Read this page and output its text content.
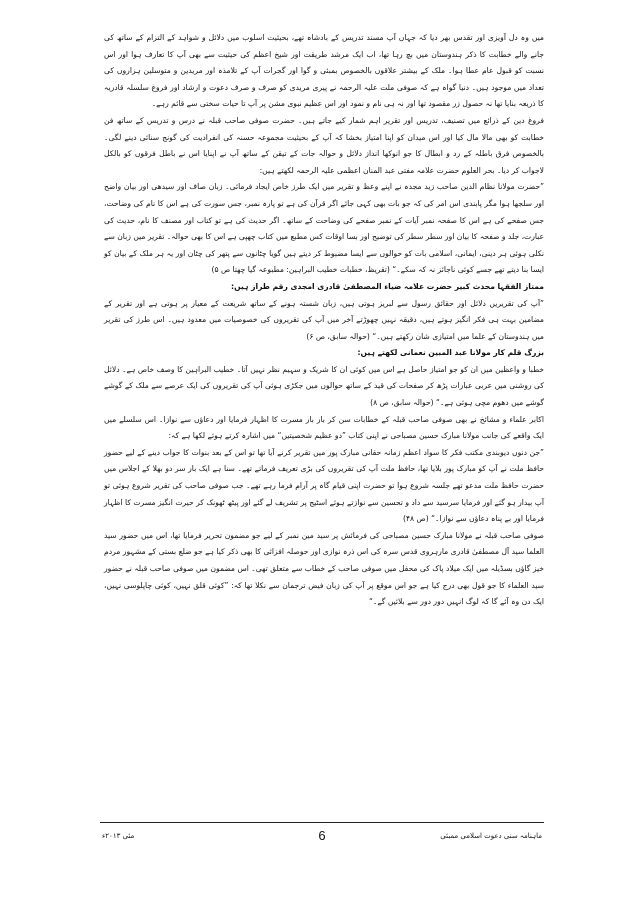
میں وہ دل آویزی اور تقدس بھر دیا کہ جہاں آپ مسند تدریس کے بادشاہ تھے، بحیثیت اسلوب میں دلائل و شواہد کے التزام کے ساتھ کی جانے والے خطابت کا ذکر ہندوستان میں بچ رہا تھا، اب ایک مرشد طریقت اور شیخ اعظم کی حیثیت سے بھی آپ کا تعارف ہوا اور اس نسبت کو قبول عام عطا ہوا۔ ملک کے بیشتر علاقوں بالخصوص بمبئی و گوا اور گجرات آپ کے تلامذہ اور مریدین و متوسلین ہزاروں کی تعداد میں موجود ہیں۔ دنیا گواہ ہے کہ صوفی ملت علیہ الرحمہ نے پیری مریدی کو صرف و صرف دعوت و ارشاد اور فروغ سلسلہ قادریہ کا ذریعہ بنایا تھا نہ حصول زر مقصود تھا اور نہ ہی نام و نمود اور اس عظیم نبوی مشن پر آپ تا حیات سختی سے قائم رہے۔

فروغ دین کے ذرائع میں تصنیف، تدریس اور تقریر اہم شمار کیے جاتے ہیں۔ حضرت صوفی صاحب قبلہ نے درس و تدریس کے ساتھ فن خطابت کو بھی مالا مال کیا اور اس میدان کو اپنا امتیاز بخشا کہ آپ کے بحیثیت مجموعہ حسنہ کی انفرادیت کی گونج سنائی دینے لگی۔ بالخصوص فرق باطلہ کے رد و ابطال کا جو انوکھا انداز دلائل و حوالہ جات کے تیقن کے ساتھ آپ نے اپنایا اس نے باطل فرقوں کو بالکل لاجواب کر دیا۔ بحر العلوم حضرت علامہ مفتی عبد المنان اعظمی علیہ الرحمہ لکھتے ہیں:

”حضرت مولانا نظام الدین صاحب زید مجدہ نے اپنے وعظ و تقریر میں ایک طرز خاص ایجاد فرمائی۔ زبان صاف اور سیدھی اور بیان واضح اور سلجھا ہوا مگر پابندی اس امر کی کہ جو بات بھی کہی جائے اگر قرآن کی ہے تو پارہ نمبر، جس سورت کی ہے اس کا نام کی وضاحت، جس صفحے کی ہے اس کا صفحہ نمبر آیات کے نمبر صفحے کی وضاحت کے ساتھ۔ اگر حدیث کی ہے تو کتاب اور مصنف کا نام، حدیث کی عبارت، جلد و صفحہ کا بیان اور سطر سطر کی توضیح اور بسا اوقات کس مطبع میں کتاب چھپی ہے اس کا بھی حوالہ۔ تقریر میں زبان سے نکلی ہوئی ہر دینی، ایمانی، اسلامی بات کو حوالوں سے ایسا مضبوط کر دیتے ہیں گویا چٹانوں سے پتھر کی چٹان اور یہ ہر ملک کے بیان کو ایسا بنا دیتے تھے جسے کوئی ناجائز نہ کہ سکے۔“ (تقریظ، خطبات خطیب البراہین: مطبوعہ گیا چھتا ص ۵)

ممتاز الفقہا محدث کبیر حضرت علامہ ضیاء المصطفیٰ قادری امجدی رقم طراز ہیں:

”آپ کی تقریریں دلائل اور حقائق رسول سے لبریز ہوتی ہیں، زبان شستہ ہونے کے ساتھ شریعت کے معیار پر ہوتی ہے اور تقریر کے مضامین بہت ہی فکر انگیز ہوتے ہیں، دقیقہ نہیں چھوڑتے آخر میں آپ کی تقریروں کی خصوصیات میں معدود ہیں۔ اس طرز کی تقریر میں ہندوستان کے علما میں امتیازی شان رکھتے ہیں۔“ (حوالہ سابق، ص ۶)

بزرگ قلم کار مولانا عبد المبین نعمانی لکھتے ہیں:

خطبا و واعظین میں ان کو جو امتیاز حاصل ہے اس میں کوئی ان کا شریک و سہیم نظر نہیں آتا۔ خطیب البراہین کا وصف خاص ہے۔ دلائل کی روشنی میں عربی عبارات پڑھ کر صفحات کی قید کے ساتھ حوالوں میں جکڑی ہوئی آپ کی تقریروں کی ایک عرصے سے ملک کے گوشے گوشے میں دھوم مچی ہوئی ہے۔“ (حوالہ سابق، ص ۸)

اکابر علماء و مشائخ نے بھی صوفی صاحب قبلہ کے خطابات سن کر بار بار مسرت کا اظہار فرمایا اور دعاؤں سے نوازا۔ اس سلسلے میں ایک واقعے کی جانب مولانا مبارک حسین مصباحی نے اپنی کتاب ”دو عظیم شخصیتیں“ میں اشارہ کرتے ہوئے لکھا ہے کہ:

”جن دنوں دیوبندی مکتب فکر کا سواد اعظم زمانہ حقانی مبارک پور میں تقریر کرنے آیا تھا تو اس کے بعد بنوات کا جواب دینے کے لیے حضور حافظ ملت نے آپ کو مبارک پور بلایا تھا، حافظ ملت آپ کی تقریروں کی بڑی تعریف فرماتے تھے۔ سنا ہے ایک بار سر دو بھلا کے اجلاس میں حضرت حافظ ملت مدعو تھے جلسہ شروع ہوا تو حضرت اپنی قیام گاہ پر آرام فرما رہے تھے۔ جب صوفی صاحب کی تقریر شروع ہوئی تو آپ بیدار ہو گئے اور فرمایا سرسید سے داد و تحسین سے نوازتے ہوئے اسٹیج پر تشریف لے گئے اور پیٹھ ٹھونک کر حیرت انگیز مسرت کا اظہار فرمایا اور بے پناہ دعاؤں سے نوازا۔“ (ص ۴۸)

صوفی صاحب قبلہ نے مولانا مبارک حسین مصباحی کی فرمائش پر سید مین نمبر کے لیے جو مضمون تحریر فرمایا تھا، اس میں حضور سید العلما سید آل مصطفیٰ قادری مارہروی قدس سرہ کی اس ذرہ نوازی اور حوصلہ افزائی کا بھی ذکر کیا ہے جو ضلع بستی کے مشہور مردم خیز گاؤں بسڈیلہ میں ایک میلاد پاک کی محفل میں صوفی صاحب کے خطاب سے متعلق تھی۔ اس مضمون میں صوفی صاحب قبلہ نے حضور سید العلماء کا جو قول بھی درج کیا ہے جو اس موقع پر آپ کی زبان فیض ترجمان سے نکلا تھا کہ: ”کوئی قلق نہیں، کوئی چاپلوسی نہیں، ایک دن وہ آئے گا کہ لوگ انہیں دور دور سے بلائیں گے۔“

ماہنامہ سنی دعوت اسلامی ممبئی
6
مئی ۲۰۱۳ء
